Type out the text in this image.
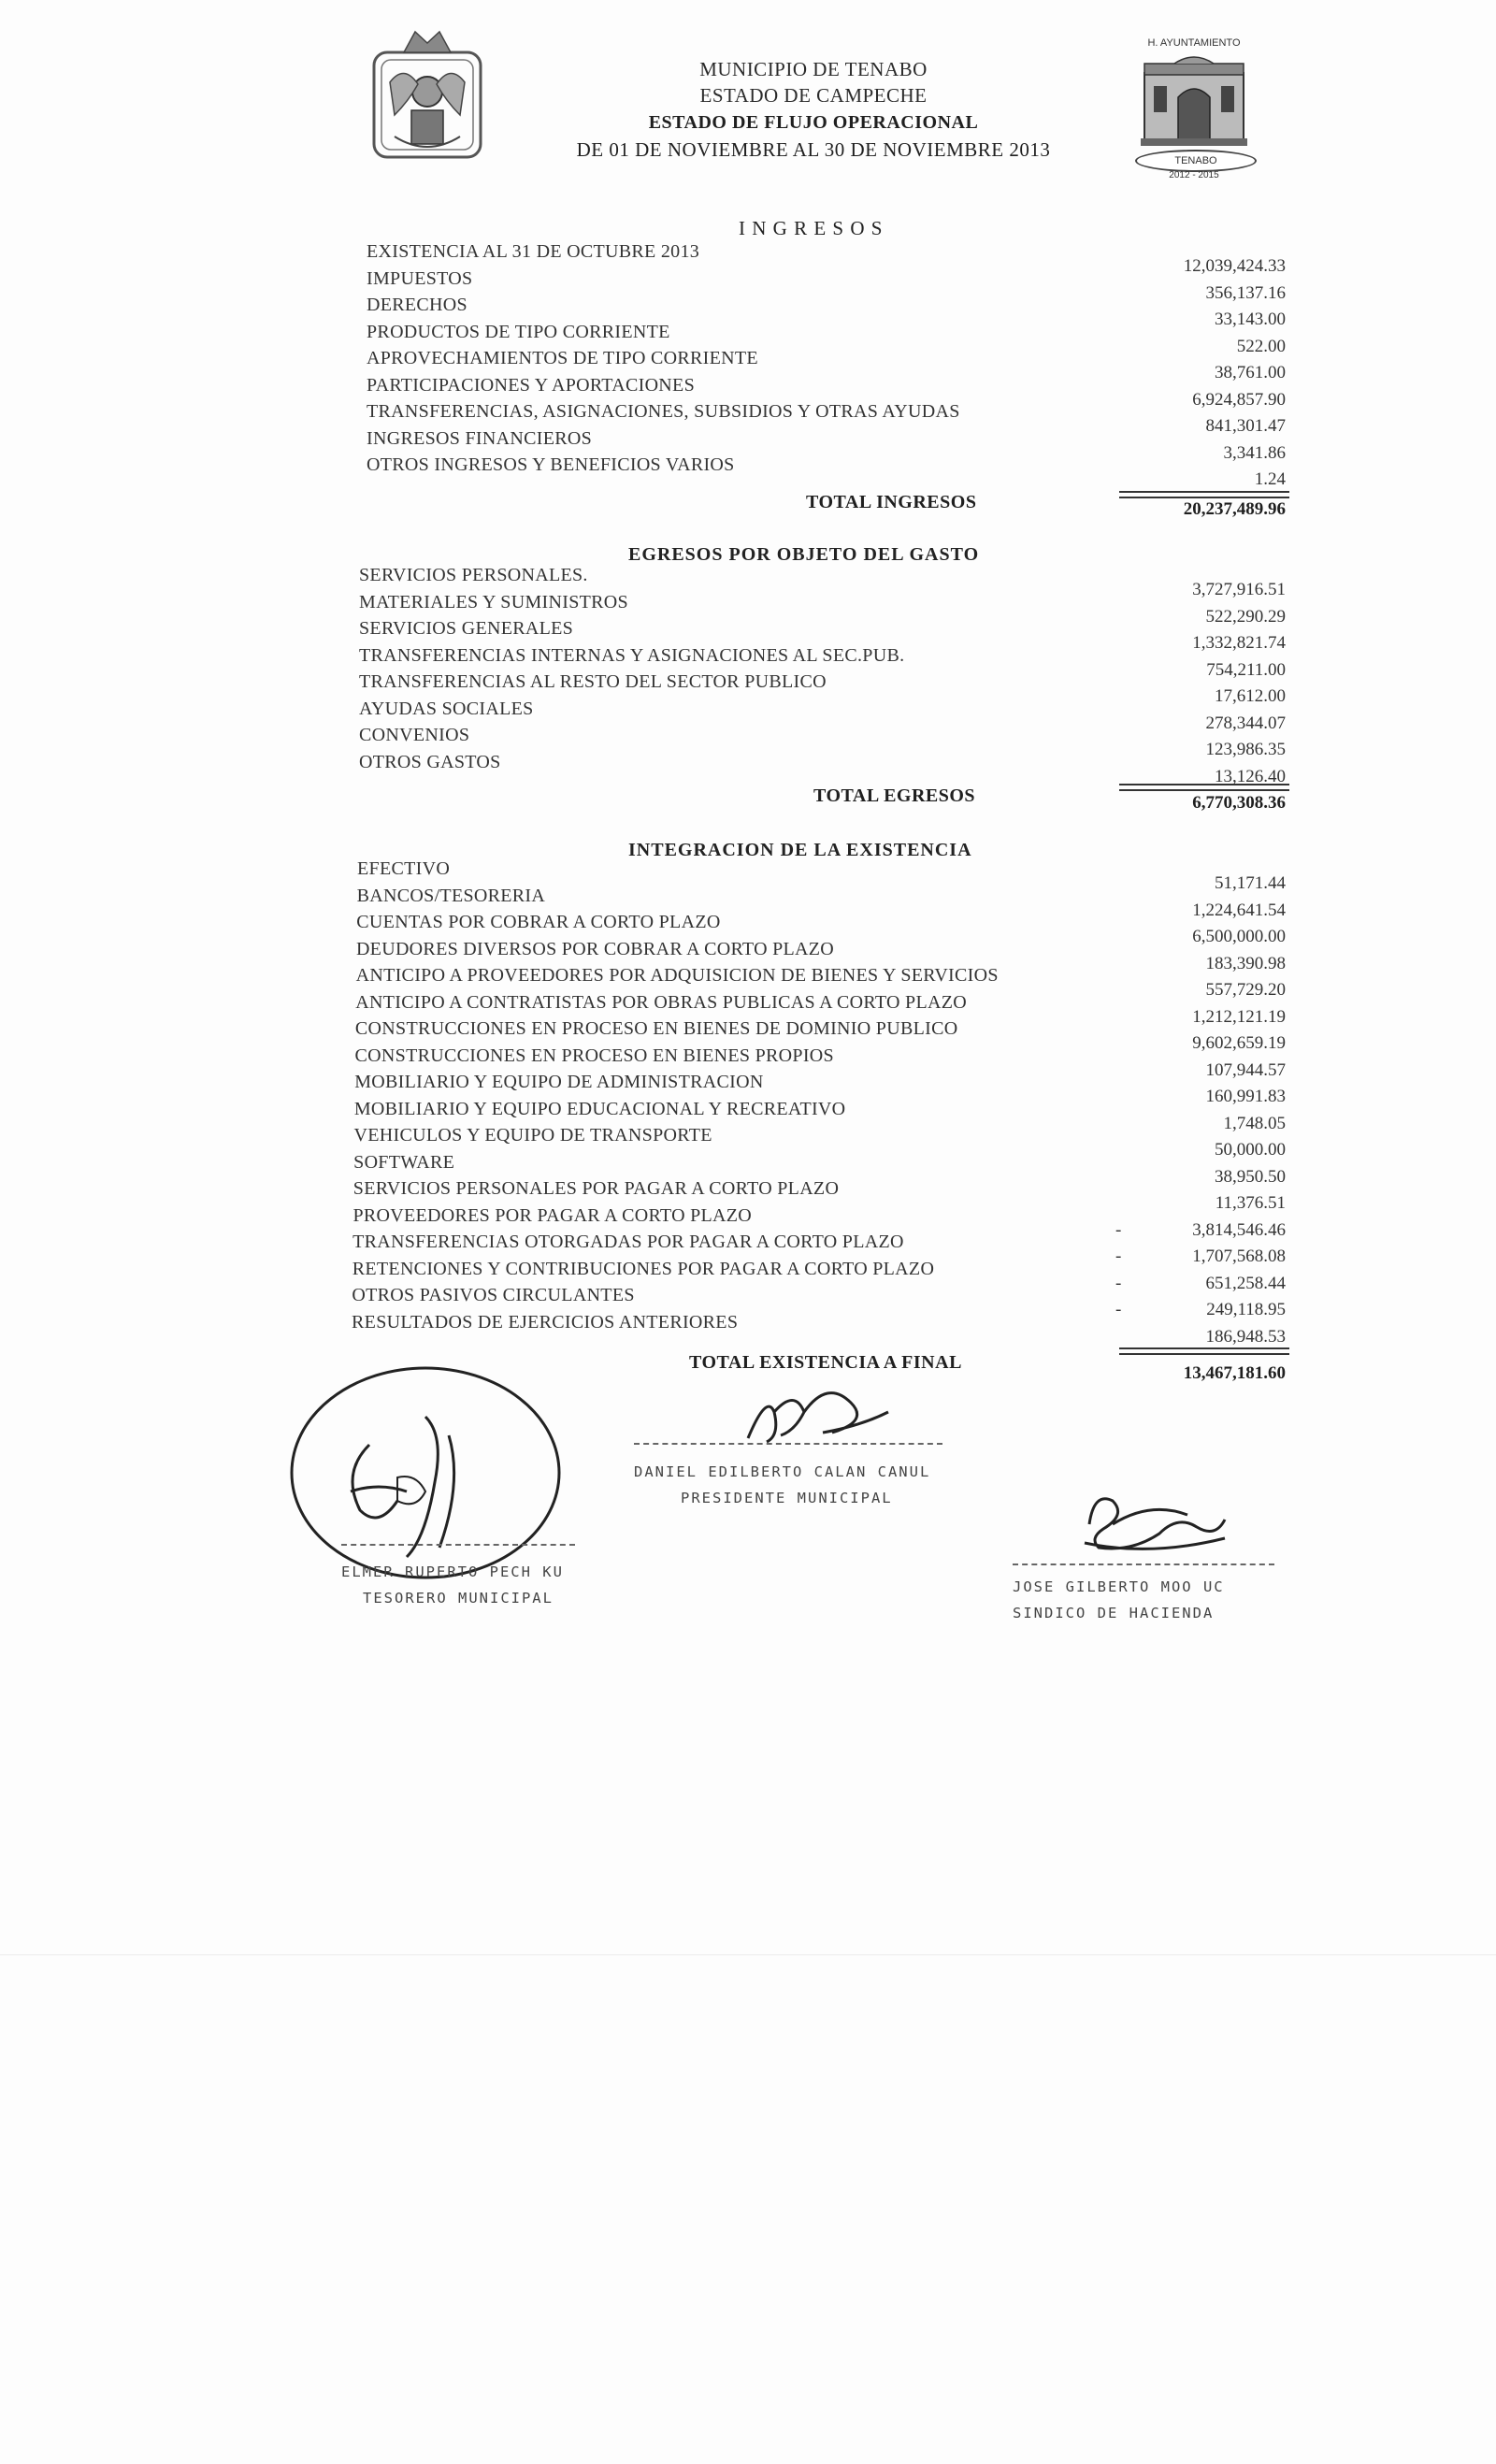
MUNICIPIO DE TENABO
ESTADO DE CAMPECHE
ESTADO DE FLUJO OPERACIONAL
DE 01 DE NOVIEMBRE AL 30 DE NOVIEMBRE 2013
H. AYUNTAMIENTO
TENABO
2012 - 2015
I N G R E S O S
EXISTENCIA AL 31 DE OCTUBRE 2013
12,039,424.33
IMPUESTOS
356,137.16
DERECHOS
33,143.00
PRODUCTOS DE TIPO CORRIENTE
522.00
APROVECHAMIENTOS DE TIPO CORRIENTE
38,761.00
PARTICIPACIONES Y APORTACIONES
6,924,857.90
TRANSFERENCIAS, ASIGNACIONES, SUBSIDIOS Y OTRAS AYUDAS
841,301.47
INGRESOS FINANCIEROS
3,341.86
OTROS INGRESOS Y BENEFICIOS VARIOS
1.24
TOTAL INGRESOS	20,237,489.96
EGRESOS POR OBJETO DEL GASTO
SERVICIOS PERSONALES.
3,727,916.51
MATERIALES Y SUMINISTROS
522,290.29
SERVICIOS GENERALES
1,332,821.74
TRANSFERENCIAS INTERNAS Y ASIGNACIONES AL SEC.PUB.
754,211.00
TRANSFERENCIAS AL RESTO DEL SECTOR PUBLICO
17,612.00
AYUDAS SOCIALES
278,344.07
CONVENIOS
123,986.35
OTROS GASTOS
13,126.40
TOTAL EGRESOS	6,770,308.36
INTEGRACION DE LA EXISTENCIA
EFECTIVO
51,171.44
BANCOS/TESORERIA
1,224,641.54
CUENTAS POR COBRAR A CORTO PLAZO
6,500,000.00
DEUDORES DIVERSOS POR COBRAR A CORTO PLAZO
183,390.98
ANTICIPO A PROVEEDORES POR ADQUISICION DE BIENES Y SERVICIOS
557,729.20
ANTICIPO A CONTRATISTAS POR OBRAS PUBLICAS A CORTO PLAZO
1,212,121.19
CONSTRUCCIONES EN PROCESO EN BIENES DE DOMINIO PUBLICO
9,602,659.19
CONSTRUCCIONES EN PROCESO EN BIENES PROPIOS
107,944.57
MOBILIARIO Y EQUIPO DE ADMINISTRACION
160,991.83
MOBILIARIO Y EQUIPO EDUCACIONAL Y RECREATIVO
1,748.05
VEHICULOS Y EQUIPO DE TRANSPORTE
50,000.00
SOFTWARE
38,950.50
SERVICIOS PERSONALES POR PAGAR A CORTO PLAZO
11,376.51
PROVEEDORES POR PAGAR A CORTO PLAZO
3,814,546.46
-
TRANSFERENCIAS OTORGADAS POR PAGAR A CORTO PLAZO
1,707,568.08
-
RETENCIONES Y CONTRIBUCIONES POR PAGAR A CORTO PLAZO
651,258.44
-
OTROS PASIVOS CIRCULANTES
249,118.95
-
RESULTADOS DE EJERCICIOS ANTERIORES
186,948.53
TOTAL EXISTENCIA A FINAL
13,467,181.60
DANIEL EDILBERTO CALAN CANUL
PRESIDENTE MUNICIPAL
ELMER RUPERTO PECH KU
TESORERO MUNICIPAL
JOSE GILBERTO MOO UC
SINDICO DE HACIENDA
